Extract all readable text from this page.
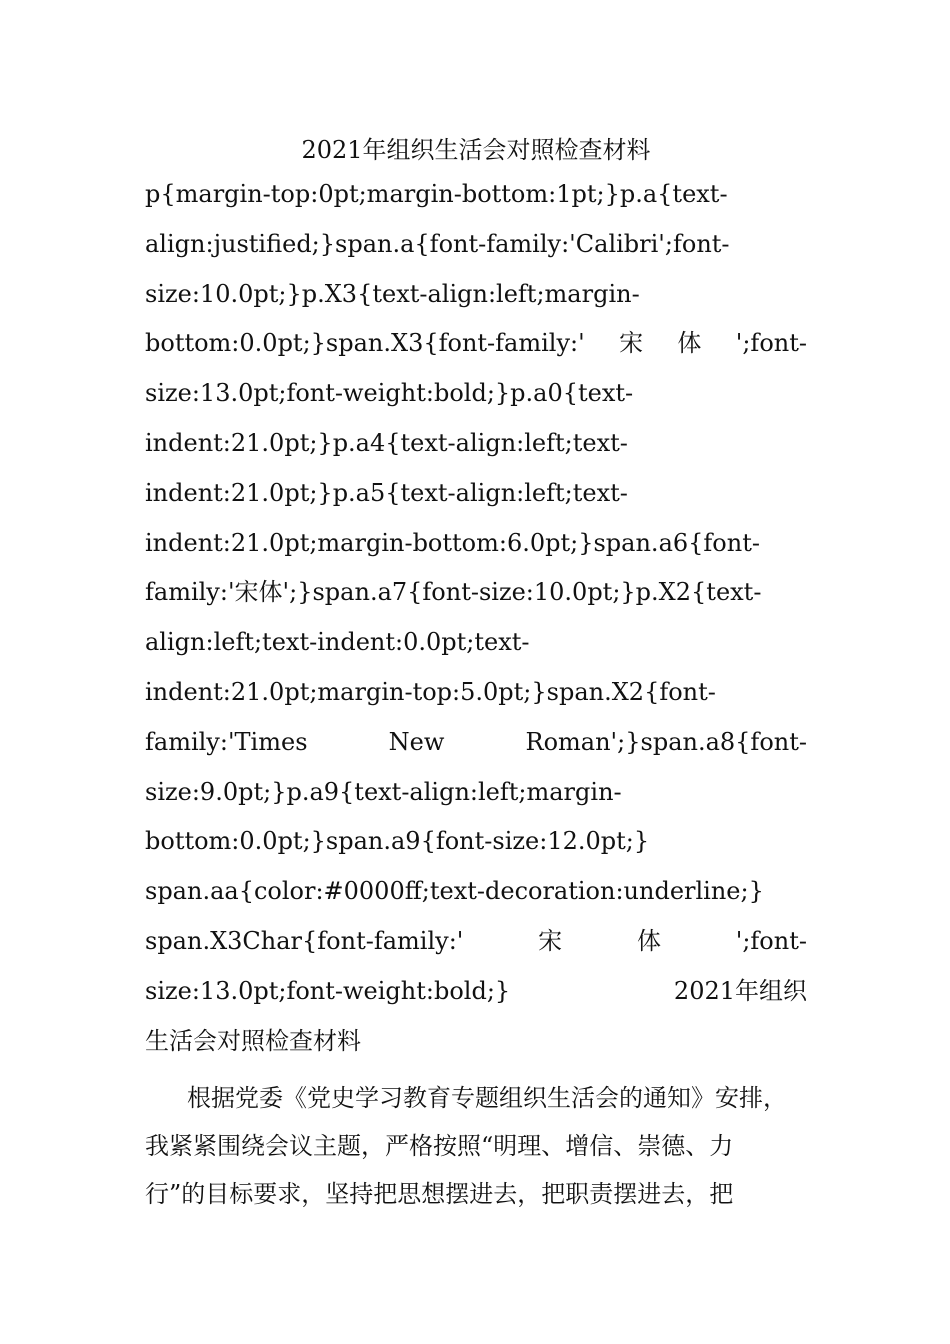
2021年组织生活会对照检查材料

p{margin-top:0pt;margin-bottom:1pt;}p.a{text-

align:justified;}span.a{font-family:'Calibri';font-

size:10.0pt;}p.X3{text-align:left;margin-

bottom:0.0pt;}span.X3{font-family:' 宋 体 ';font-

size:13.0pt;font-weight:bold;}p.a0{text-

indent:21.0pt;}p.a4{text-align:left;text-

indent:21.0pt;}p.a5{text-align:left;text-

indent:21.0pt;margin-bottom:6.0pt;}span.a6{font-

family:'宋体';}span.a7{font-size:10.0pt;}p.X2{text-

align:left;text-indent:0.0pt;text-

indent:21.0pt;margin-top:5.0pt;}span.X2{font-

family:'Times	New	Roman';}span.a8{font-

size:9.0pt;}p.a9{text-align:left;margin-

bottom:0.0pt;}span.a9{font-size:12.0pt;}

span.aa{color:#0000ff;text-decoration:underline;}

span.X3Char{font-family:'	宋	体	';font-

size:13.0pt;font-weight:bold;}	2021年组织

生活会对照检查材料

根据党委《党史学习教育专题组织生活会的通知》安排，

我紧紧围绕会议主题，严格按照“明理、增信、崇德、力

行”的目标要求，坚持把思想摆进去，把职责摆进去，把
